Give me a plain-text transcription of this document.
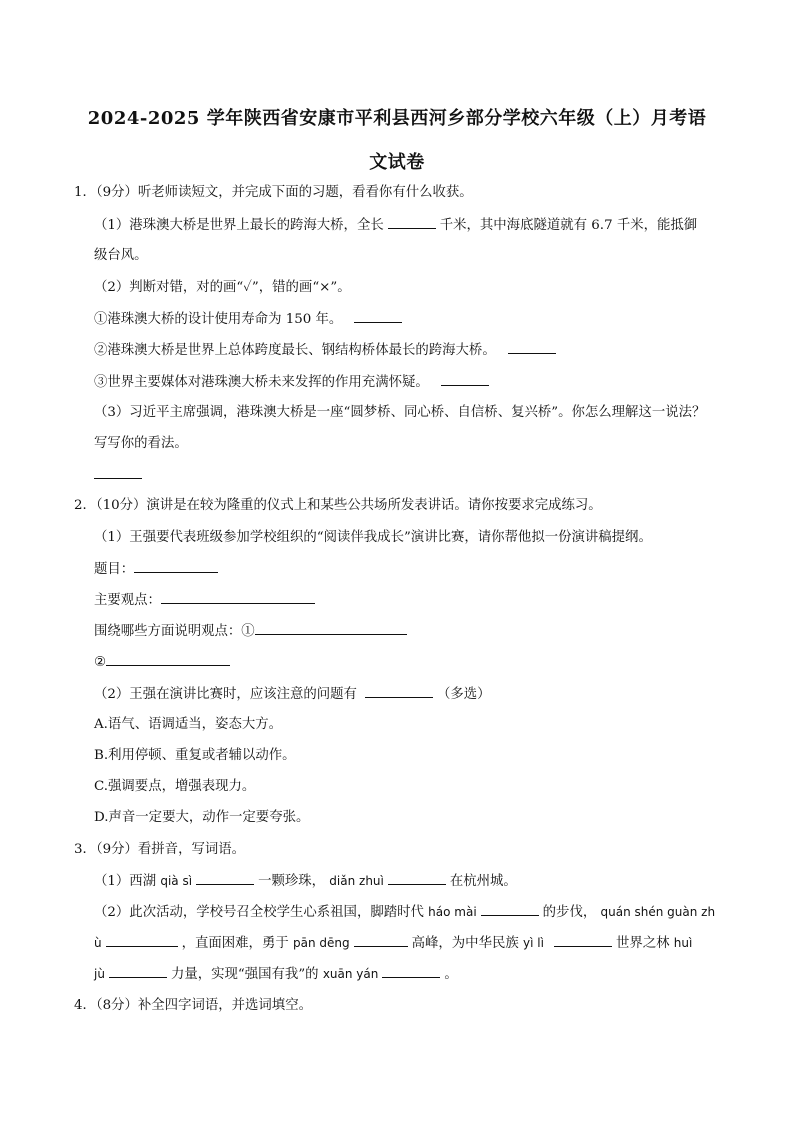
2024-2025 学年陕西省安康市平利县西河乡部分学校六年级（上）月考语
文试卷
1．（9分）听老师读短文，并完成下面的习题，看看你有什么收获。
（1）港珠澳大桥是世界上最长的跨海大桥，全长	千米，其中海底隧道就有 6.7 千米，能抵御
级台风。
（2）判断对错，对的画“✓”，错的画“×”。
①港珠澳大桥的设计使用寿命为 150 年。
②港珠澳大桥是世界上总体跨度最长、钢结构桥体最长的跨海大桥。
③世界主要媒体对港珠澳大桥未来发挥的作用充满怀疑。
（3）习近平主席强调，港珠澳大桥是一座“圆梦桥、同心桥、自信桥、复兴桥”。你怎么理解这一说法？
写写你的看法。
2．（10分）演讲是在较为隆重的仪式上和某些公共场所发表讲话。请你按要求完成练习。
（1）王强要代表班级参加学校组织的“阅读伴我成长”演讲比赛，请你帮他拟一份演讲稿提纲。
题目：
主要观点：
围绕哪些方面说明观点：①
②
（2）王强在演讲比赛时，应该注意的问题有	（多选）
A.语气、语调适当，姿态大方。
B.利用停顿、重复或者辅以动作。
C.强调要点，增强表现力。
D.声音一定要大，动作一定要夸张。
3．（9分）看拼音，写词语。
（1）西湖 qià sì	一颗珍珠， diǎn zhuì	在杭州城。
（2）此次活动，学校号召全校学生心系祖国，脚踏时代 háo mài	的步伐， quán shén guàn zh
ù	，直面困难，勇于 pān dēng	高峰，为中华民族 yì lì	世界之林 huì
jù	力量，实现“强国有我”的 xuān yán	。
4．（8分）补全四字词语，并选词填空。
